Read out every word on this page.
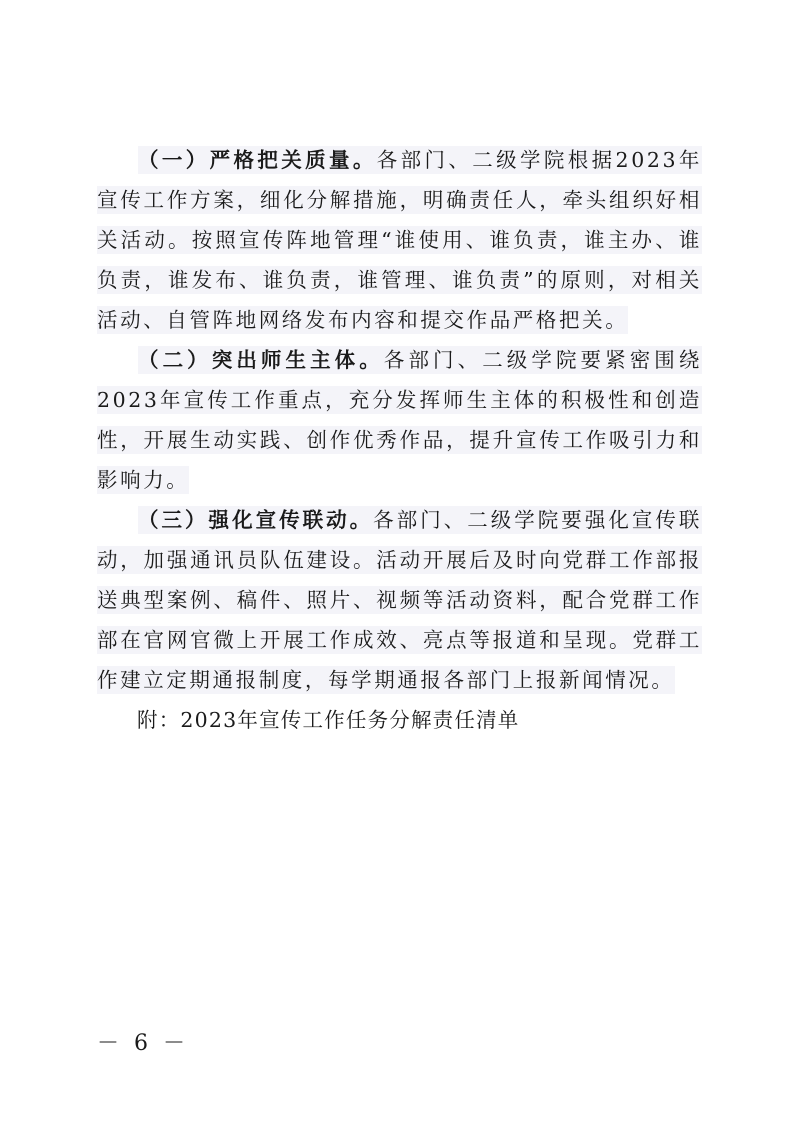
（一）严格把关质量。各部门、二级学院根据2023年宣传工作方案，细化分解措施，明确责任人，牵头组织好相关活动。按照宣传阵地管理“谁使用、谁负责，谁主办、谁负责，谁发布、谁负责，谁管理、谁负责”的原则，对相关活动、自管阵地网络发布内容和提交作品严格把关。

（二）突出师生主体。各部门、二级学院要紧密围绕2023年宣传工作重点，充分发挥师生主体的积极性和创造性，开展生动实践、创作优秀作品，提升宣传工作吸引力和影响力。

（三）强化宣传联动。各部门、二级学院要强化宣传联动，加强通讯员队伍建设。活动开展后及时向党群工作部报送典型案例、稿件、照片、视频等活动资料，配合党群工作部在官网官微上开展工作成效、亮点等报道和呈现。党群工作建立定期通报制度，每学期通报各部门上报新闻情况。

附：2023年宣传工作任务分解责任清单
－ 6 －
